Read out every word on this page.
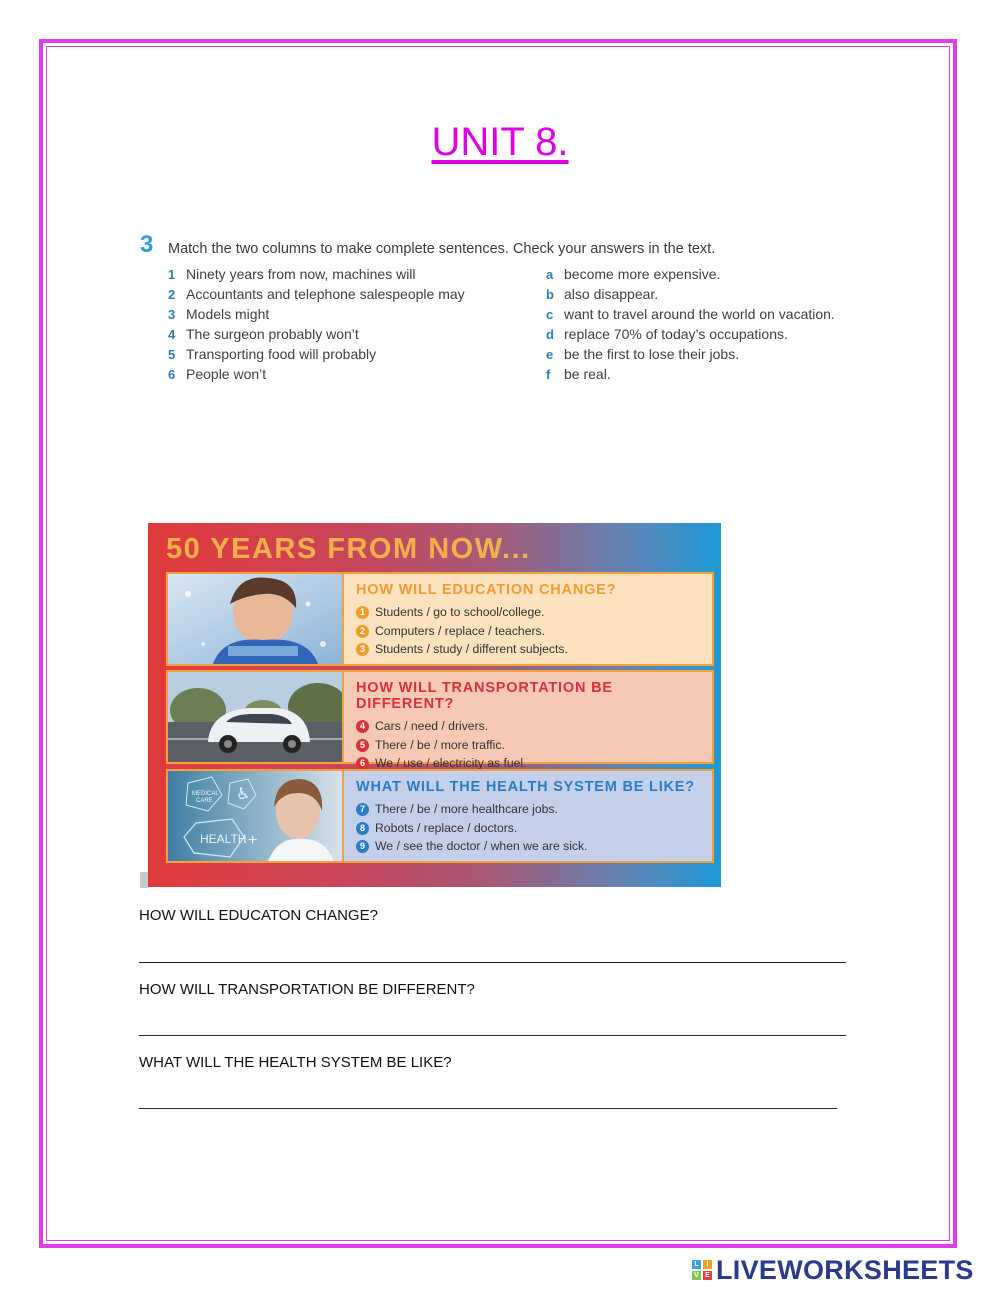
UNIT 8.
3 Match the two columns to make complete sentences. Check your answers in the text.
1 Ninety years from now, machines will
2 Accountants and telephone salespeople may
3 Models might
4 The surgeon probably won’t
5 Transporting food will probably
6 People won’t
a become more expensive.
b also disappear.
c want to travel around the world on vacation.
d replace 70% of today’s occupations.
e be the first to lose their jobs.
f be real.
50 YEARS FROM NOW...
HOW WILL EDUCATION CHANGE?
1 Students / go to school/college.
2 Computers / replace / teachers.
3 Students / study / different subjects.
HOW WILL TRANSPORTATION BE DIFFERENT?
4 Cars / need / drivers.
5 There / be / more traffic.
6 We / use / electricity as fuel.
MEDICAL
CARE
HEALTH
♿
+
WHAT WILL THE HEALTH SYSTEM BE LIKE?
7 There / be / more healthcare jobs.
8 Robots / replace / doctors.
9 We / see the doctor / when we are sick.
HOW WILL EDUCATON CHANGE?
HOW WILL TRANSPORTATION BE DIFFERENT?
WHAT WILL THE HEALTH SYSTEM BE LIKE?
L	I
V E LIVEWORKSHEETS
